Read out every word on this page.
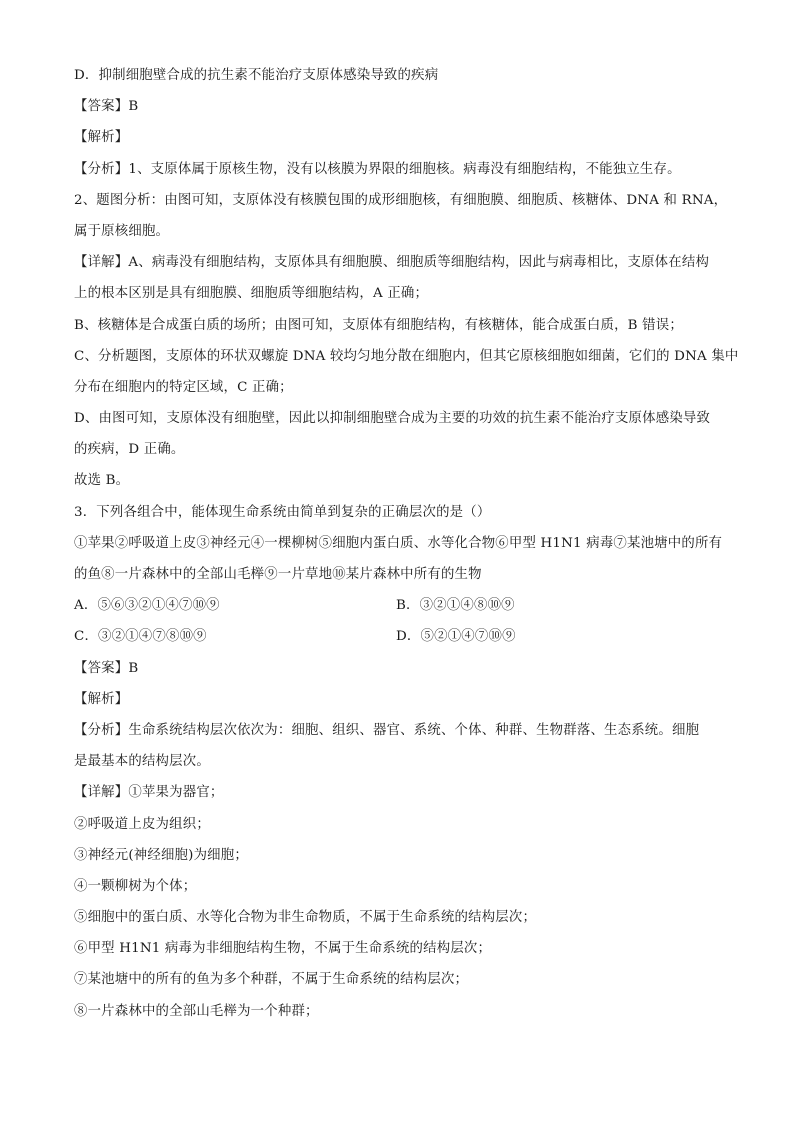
D．抑制细胞壁合成的抗生素不能治疗支原体感染导致的疾病
【答案】B
【解析】
【分析】1、支原体属于原核生物，没有以核膜为界限的细胞核。病毒没有细胞结构，不能独立生存。
2、题图分析：由图可知，支原体没有核膜包围的成形细胞核，有细胞膜、细胞质、核糖体、DNA 和 RNA，
属于原核细胞。
【详解】A、病毒没有细胞结构，支原体具有细胞膜、细胞质等细胞结构，因此与病毒相比，支原体在结构
上的根本区别是具有细胞膜、细胞质等细胞结构，A 正确；
B、核糖体是合成蛋白质的场所；由图可知，支原体有细胞结构，有核糖体，能合成蛋白质，B 错误；
C、分析题图，支原体的环状双螺旋 DNA 较均匀地分散在细胞内，但其它原核细胞如细菌，它们的 DNA 集中
分布在细胞内的特定区域，C 正确；
D、由图可知，支原体没有细胞壁，因此以抑制细胞壁合成为主要的功效的抗生素不能治疗支原体感染导致
的疾病，D 正确。
故选 B。
3．下列各组合中，能体现生命系统由简单到复杂的正确层次的是（）
①苹果②呼吸道上皮③神经元④一棵柳树⑤细胞内蛋白质、水等化合物⑥甲型 H1N1 病毒⑦某池塘中的所有
的鱼⑧一片森林中的全部山毛榉⑨一片草地⑩某片森林中所有的生物
A．⑤⑥③②①④⑦⑩⑨	B．③②①④⑧⑩⑨
C．③②①④⑦⑧⑩⑨	D．⑤②①④⑦⑩⑨
【答案】B
【解析】
【分析】生命系统结构层次依次为：细胞、组织、器官、系统、个体、种群、生物群落、生态系统。细胞
是最基本的结构层次。
【详解】①苹果为器官；
②呼吸道上皮为组织；
③神经元(神经细胞)为细胞；
④一颗柳树为个体；
⑤细胞中的蛋白质、水等化合物为非生命物质，不属于生命系统的结构层次；
⑥甲型 H1N1 病毒为非细胞结构生物，不属于生命系统的结构层次；
⑦某池塘中的所有的鱼为多个种群，不属于生命系统的结构层次；
⑧一片森林中的全部山毛榉为一个种群；
